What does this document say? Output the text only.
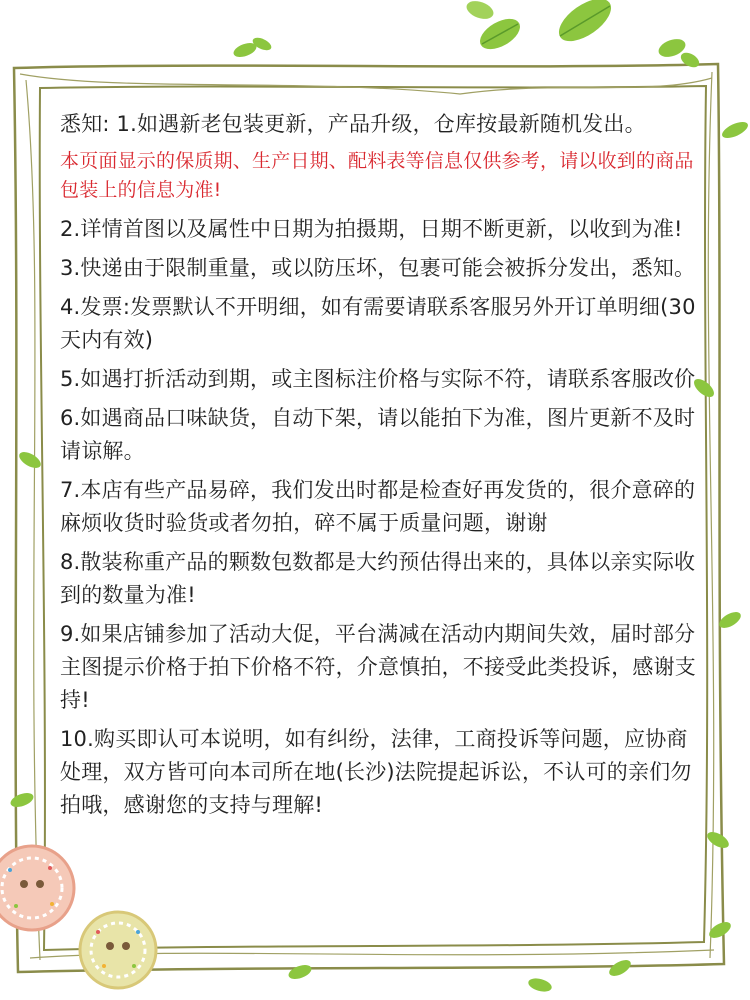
悉知: 1.如遇新老包装更新，产品升级，仓库按最新随机发出。

本页面显示的保质期、生产日期、配料表等信息仅供参考，请以收到的商品包装上的信息为准!

2.详情首图以及属性中日期为拍摄期，日期不断更新，以收到为准!

3.快递由于限制重量，或以防压坏，包裹可能会被拆分发出，悉知。

4.发票:发票默认不开明细，如有需要请联系客服另外开订单明细(30天内有效)

5.如遇打折活动到期，或主图标注价格与实际不符，请联系客服改价

6.如遇商品口味缺货，自动下架，请以能拍下为准，图片更新不及时请谅解。

7.本店有些产品易碎，我们发出时都是检查好再发货的，很介意碎的麻烦收货时验货或者勿拍，碎不属于质量问题，谢谢

8.散装称重产品的颗数包数都是大约预估得出来的，具体以亲实际收到的数量为准!

9.如果店铺参加了活动大促，平台满减在活动内期间失效，届时部分主图提示价格于拍下价格不符，介意慎拍，不接受此类投诉，感谢支持!

10.购买即认可本说明，如有纠纷，法律，工商投诉等问题，应协商处理，双方皆可向本司所在地(长沙)法院提起诉讼，不认可的亲们勿拍哦，感谢您的支持与理解!
